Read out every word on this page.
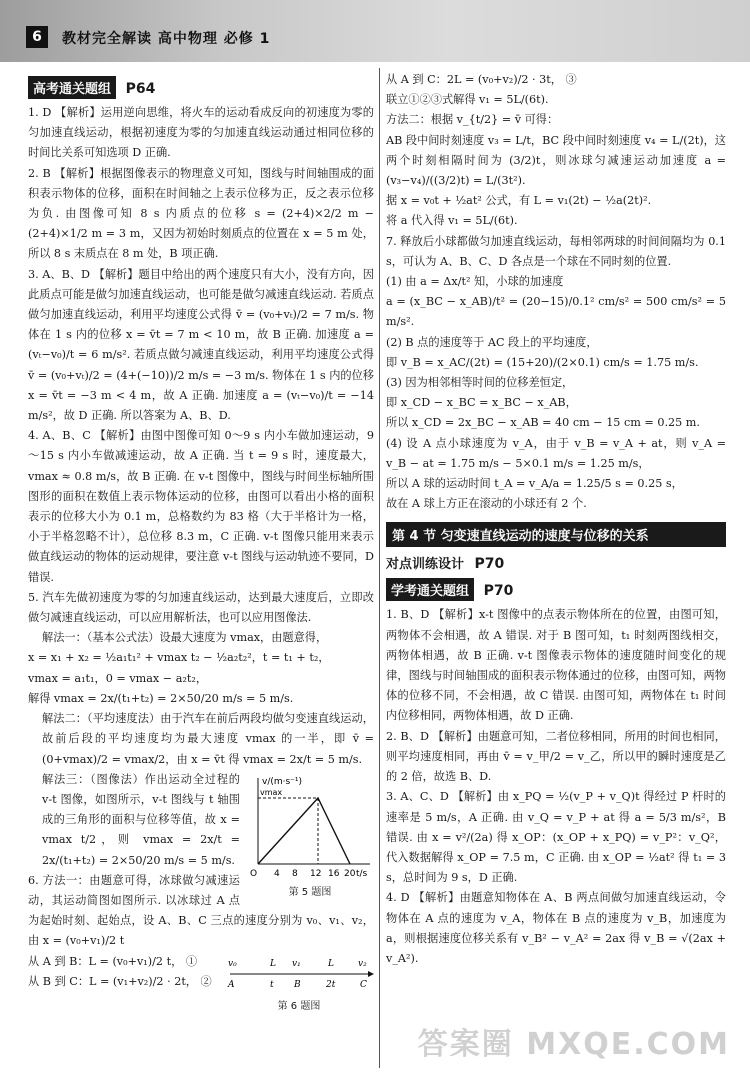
6	教材完全解读 高中物理 必修 1
高考通关题组 P64

1. D 【解析】运用逆向思维，将火车的运动看成反向的初速度为零的匀加速直线运动，根据初速度为零的匀加速直线运动通过相同位移的时间比关系可知选项 D 正确.

2. B 【解析】根据图像表示的物理意义可知，图线与时间轴围成的面积表示物体的位移，面积在时间轴之上表示位移为正，反之表示位移为负. 由图像可知 8 s 内质点的位移 s = (2+4)×2/2 m − (2+4)×1/2 m = 3 m，又因为初始时刻质点的位置在 x = 5 m 处，所以 8 s 末质点在 8 m 处，B 项正确.

3. A、B、D 【解析】题目中给出的两个速度只有大小，没有方向，因此质点可能是做匀加速直线运动，也可能是做匀减速直线运动. 若质点做匀加速直线运动，利用平均速度公式得 v̄ = (v₀+vₜ)/2 = 7 m/s. 物体在 1 s 内的位移 x = v̄t = 7 m < 10 m，故 B 正确. 加速度 a = (vₜ−v₀)/t = 6 m/s². 若质点做匀减速直线运动，利用平均速度公式得 v̄ = (v₀+vₜ)/2 = (4+(−10))/2 m/s = −3 m/s. 物体在 1 s 内的位移 x = v̄t = −3 m < 4 m，故 A 正确. 加速度 a = (vₜ−v₀)/t = −14 m/s²，故 D 正确. 所以答案为 A、B、D.

4. A、B、C 【解析】由图中图像可知 0～9 s 内小车做加速运动，9～15 s 内小车做减速运动，故 A 正确. 当 t = 9 s 时，速度最大，vmax ≈ 0.8 m/s，故 B 正确. 在 v-t 图像中，图线与时间坐标轴所围图形的面积在数值上表示物体运动的位移，由图可以看出小格的面积表示的位移大小为 0.1 m，总格数约为 83 格（大于半格计为一格，小于半格忽略不计），总位移 8.3 m，C 正确. v-t 图像只能用来表示做直线运动的物体的运动规律，要注意 v-t 图线与运动轨迹不要同，D 错误.

5. 汽车先做初速度为零的匀加速直线运动，达到最大速度后，立即改做匀减速直线运动，可以应用解析法，也可以应用图像法.

解法一：（基本公式法）设最大速度为 vmax，由题意得，

x = x₁ + x₂ = ½a₁t₁² + vmax t₂ − ½a₂t₂²，t = t₁ + t₂，

vmax = a₁t₁，0 = vmax − a₂t₂，

解得 vmax = 2x/(t₁+t₂) = 2×50/20 m/s = 5 m/s.

解法二：（平均速度法）由于汽车在前后两段均做匀变速直线运动，故前后段的平均速度均为最大速度 vmax 的一半，即 v̄ = (0+vmax)/2 = vmax/2，由 x = v̄t 得 vmax = 2x/t = 5 m/s.

v/(m·s⁻¹)
vmax
t/s
O 4 8 12 16 20
第 5 题图

解法三：（图像法）作出运动全过程的 v-t 图像，如图所示，v-t 图线与 t 轴围成的三角形的面积与位移等值，故 x = vmax t/2，则 vmax = 2x/t = 2x/(t₁+t₂) = 2×50/20 m/s = 5 m/s.

6. 方法一：由题意可得，冰球做匀减速运动，其运动简图如图所示. 以冰球过 A 点为起始时刻、起始点，设 A、B、C 三点的速度分别为 v₀、v₁、v₂，由 x = (v₀+v₁)/2 t

v₀	L v₁	L	v₂
A	t B	2t	C
第 6 题图

从 A 到 B：L = (v₀+v₁)/2 t， ①

从 B 到 C：L = (v₁+v₂)/2 · 2t， ②

从 A 到 C：2L = (v₀+v₂)/2 · 3t， ③

联立①②③式解得 v₁ = 5L/(6t).

方法二：根据 v_{t/2} = v̄ 可得：

AB 段中间时刻速度 v₃ = L/t，BC 段中间时刻速度 v₄ = L/(2t)，这两个时刻相隔时间为 (3/2)t，则冰球匀减速运动加速度 a = (v₃−v₄)/((3/2)t) = L/(3t²).

据 x = v₀t + ½at² 公式，有 L = v₁(2t) − ½a(2t)².

将 a 代入得 v₁ = 5L/(6t).

7. 释放后小球都做匀加速直线运动，每相邻两球的时间间隔均为 0.1 s，可认为 A、B、C、D 各点是一个球在不同时刻的位置.

(1) 由 a = Δx/t² 知，小球的加速度

a = (x_BC − x_AB)/t² = (20−15)/0.1² cm/s² = 500 cm/s² = 5 m/s².

(2) B 点的速度等于 AC 段上的平均速度，

即 v_B = x_AC/(2t) = (15+20)/(2×0.1) cm/s = 1.75 m/s.

(3) 因为相邻相等时间的位移差恒定，

即 x_CD − x_BC = x_BC − x_AB，

所以 x_CD = 2x_BC − x_AB = 40 cm − 15 cm = 0.25 m.

(4) 设 A 点小球速度为 v_A，由于 v_B = v_A + at，则 v_A = v_B − at = 1.75 m/s − 5×0.1 m/s = 1.25 m/s，

所以 A 球的运动时间 t_A = v_A/a = 1.25/5 s = 0.25 s，

故在 A 球上方正在滚动的小球还有 2 个.

第 4 节 匀变速直线运动的速度与位移的关系
对点训练设计 P70
学考通关题组 P70

1. B、D 【解析】x-t 图像中的点表示物体所在的位置，由图可知，两物体不会相遇，故 A 错误. 对于 B 图可知，t₁ 时刻两图线相交，两物体相遇，故 B 正确. v-t 图像表示物体的速度随时间变化的规律，图线与时间轴围成的面积表示物体通过的位移，由图可知，两物体的位移不同，不会相遇，故 C 错误. 由图可知，两物体在 t₁ 时间内位移相同，两物体相遇，故 D 正确.

2. B、D 【解析】由题意可知，二者位移相同，所用的时间也相同，则平均速度相同，再由 v̄ = v_甲/2 = v_乙，所以甲的瞬时速度是乙的 2 倍，故选 B、D.

3. A、C、D 【解析】由 x_PQ = ½(v_P + v_Q)t 得经过 P 杆时的速率是 5 m/s，A 正确. 由 v_Q = v_P + at 得 a = 5/3 m/s²，B 错误. 由 x = v²/(2a) 得 x_OP：(x_OP + x_PQ) = v_P²：v_Q²，代入数据解得 x_OP = 7.5 m，C 正确. 由 x_OP = ½at² 得 t₁ = 3 s，总时间为 9 s，D 正确.

4. D 【解析】由题意知物体在 A、B 两点间做匀加速直线运动，令物体在 A 点的速度为 v_A，物体在 B 点的速度为 v_B，加速度为 a，则根据速度位移关系有 v_B² − v_A² = 2ax 得 v_B = √(2ax + v_A²).

答案圈 MXQE.COM
